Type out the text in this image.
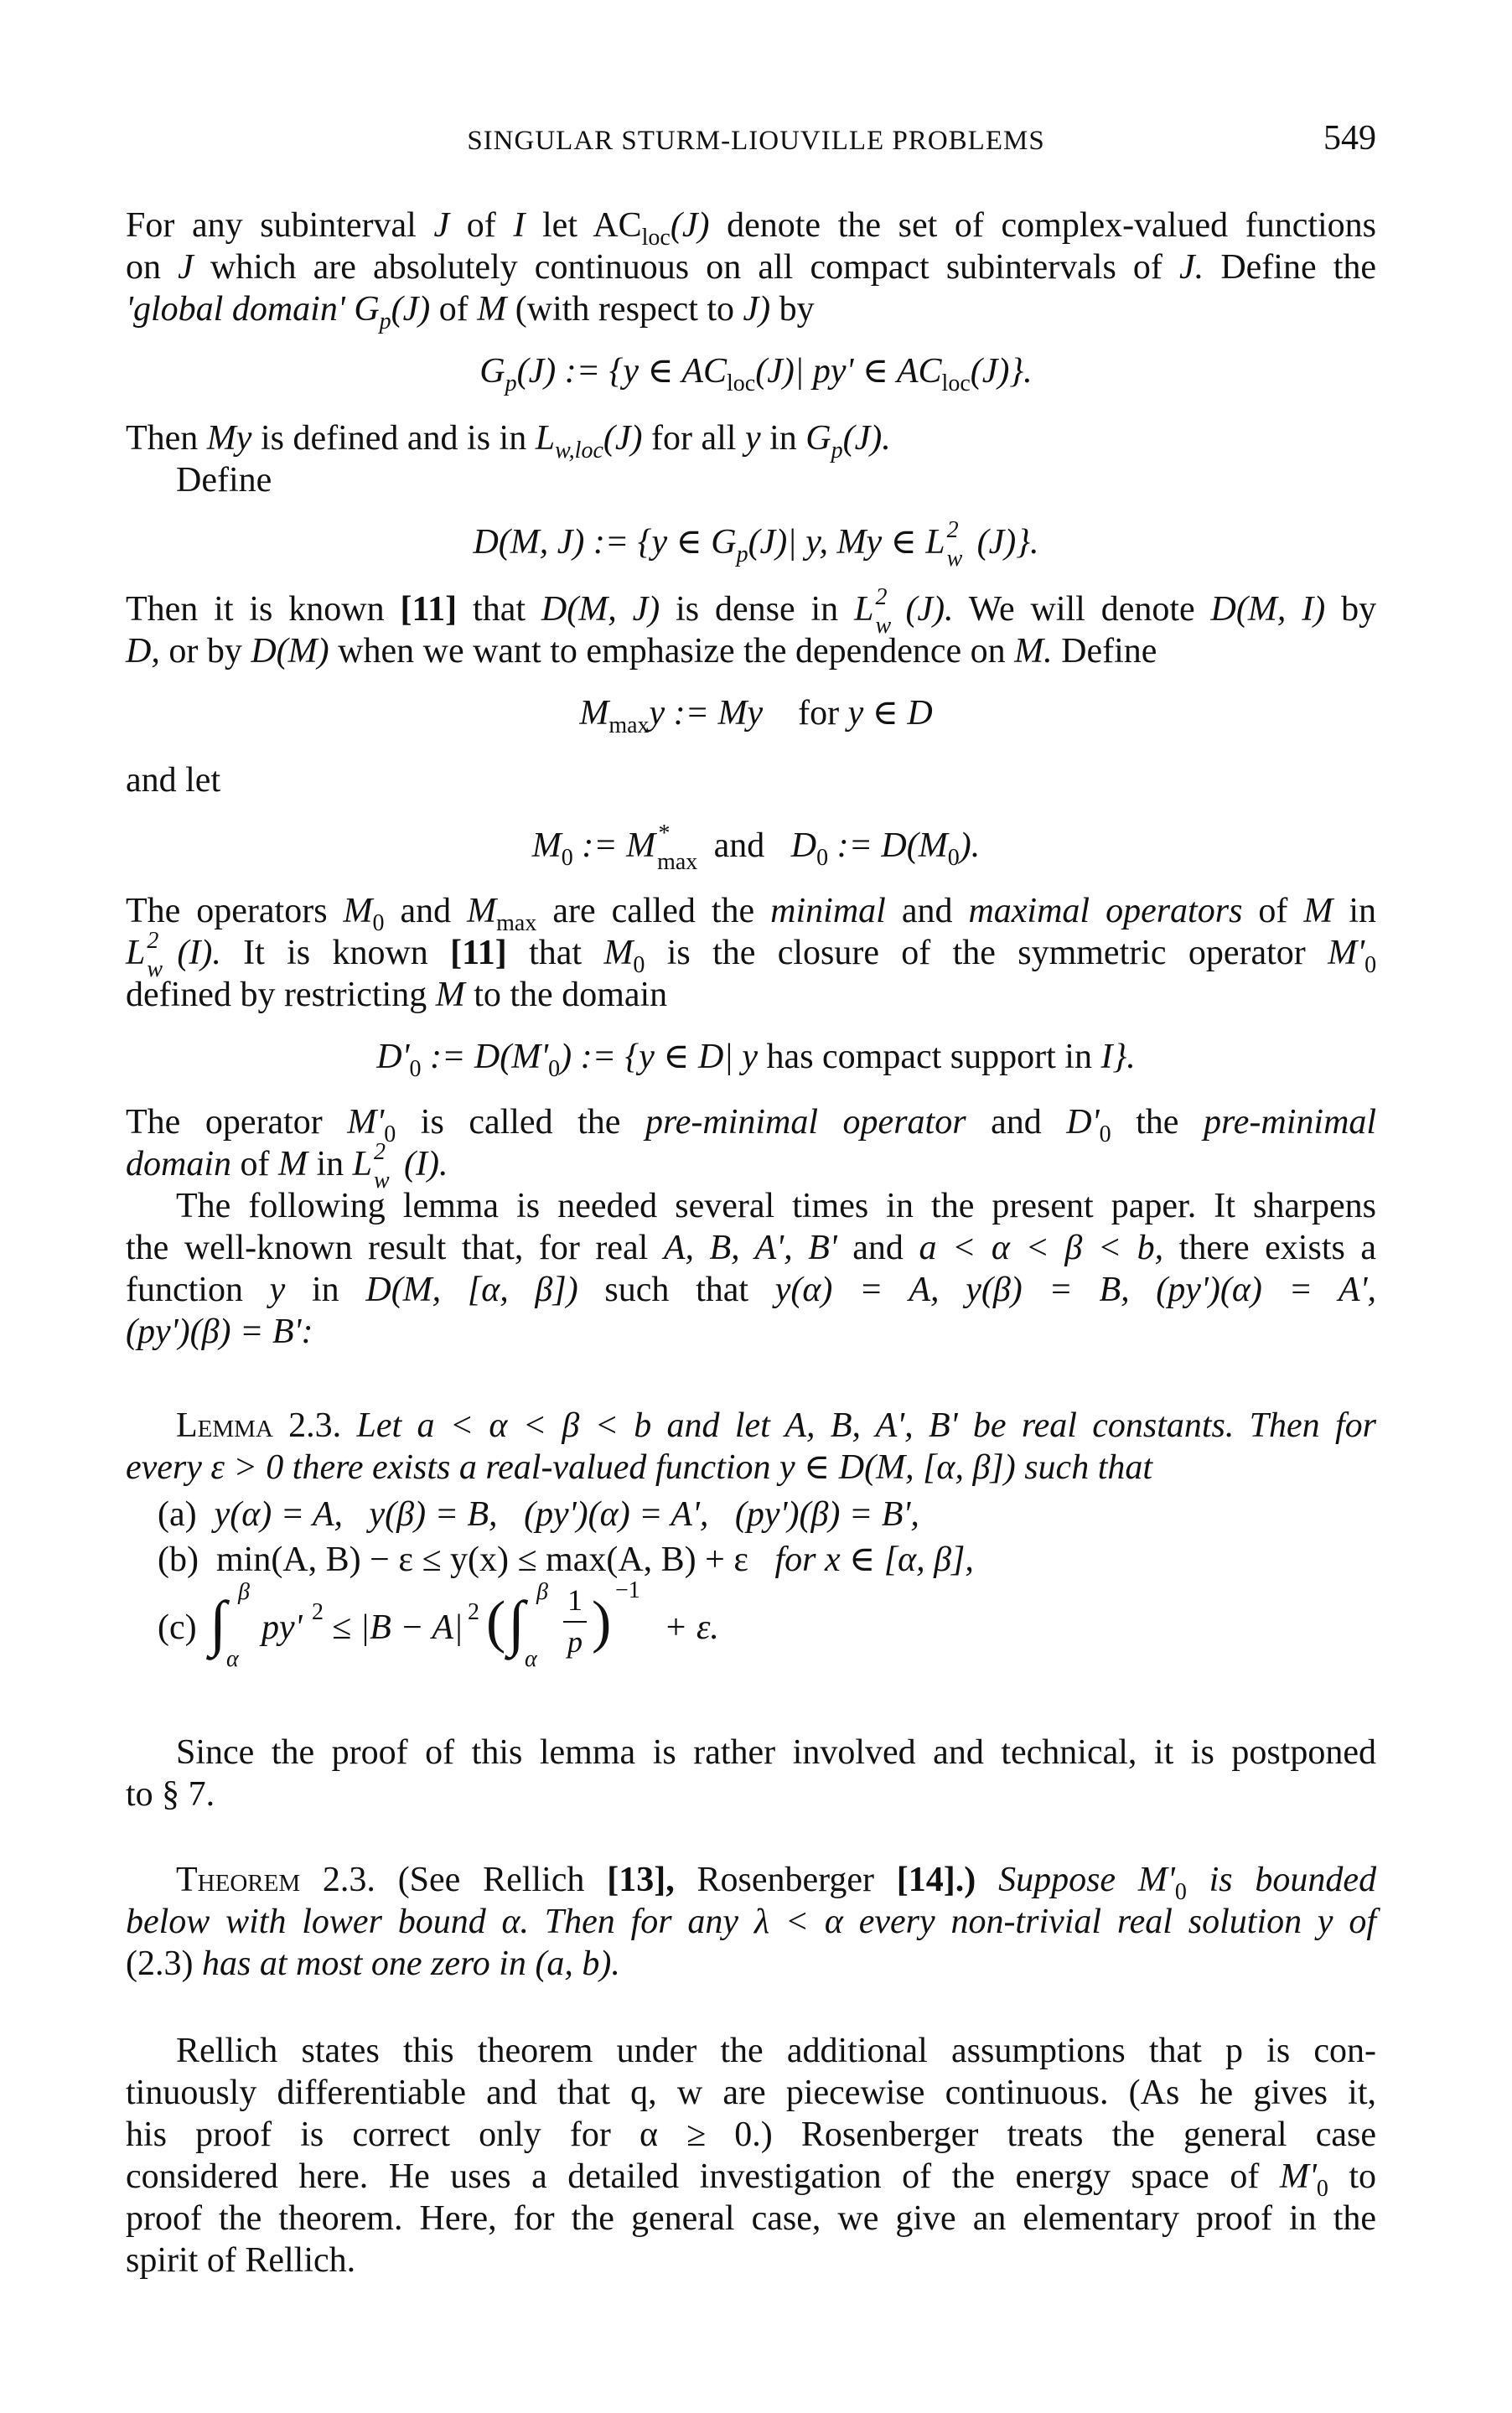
SINGULAR STURM-LIOUVILLE PROBLEMS	549
For any subinterval J of I let $AC_{loc}(J)$ denote the set of complex-valued functions
on J which are absolutely continuous on all compact subintervals of J. Define the
'global domain' $G_p(J)$ of M (with respect to J) by
$G_p(J)$ := {y ∈ $AC_{loc}(J)|$ py' ∈ $AC_{loc}(J)$}.
Then My is defined and is in $L_{w,loc}(J)$ for all y in $G_p(J)$.
Define
D(M, J) := {y ∈ $G_p(J)|$ y, My ∈ L 2
w (J)}.
Then it is known [11] that D(M, J) is dense in L 2
w (J). We will denote D(M, I) by
D, or by D(M) when we want to emphasize the dependence on M. Define
$M_{max}y$ := My for y ∈ D
and let
$M_0$ := M *
max and $D_0$ := $D(M_0)$.
The operators $M_0$ and $M_{max}$ are called the minimal and maximal operators of M in
L 2
w (I). It is known [11] that $M_0$ is the closure of the symmetric operator $M'_0$
defined by restricting M to the domain
$D'_0$ := $D(M'_0)$ := {y ∈ D| y has compact support in I}.
The operator $M'_0$ is called the pre-minimal operator and $D'_0$ the pre-minimal
domain of M in L 2
w (I).
The following lemma is needed several times in the present paper. It sharpens
the well-known result that, for real A, B, A', B' and a < α < β < b, there exists a
function y in D(M, [α, β]) such that y(α) = A, y(β) = B, (py')(α) = A',
(py')(β) = B':
Lemma 2.3. Let a < α < β < b and let A, B, A', B' be real constants. Then for
every ε > 0 there exists a real-valued function y ∈ D(M, [α, β]) such that
(a) y(α) = A, y(β) = B, (py')(α) = A', (py')(β) = B',
(b) min(A, B) − ε ≤ y(x) ≤ max(A, B) + ε for x ∈ [α, β],
(c) ∫ β
α
py' 2 ≤ |B − A| 2 ( ∫ β
α
1
p ) −1
+ ε.
Since the proof of this lemma is rather involved and technical, it is postponed
to § 7.
Theorem 2.3. (See Rellich [13], Rosenberger [14].) Suppose $M'_0$ is bounded
below with lower bound α. Then for any λ < α every non-trivial real solution y of
(2.3) has at most one zero in (a, b).
Rellich states this theorem under the additional assumptions that p is con-
tinuously differentiable and that q, w are piecewise continuous. (As he gives it,
his proof is correct only for α ≥ 0.) Rosenberger treats the general case
considered here. He uses a detailed investigation of the energy space of $M'_0$ to
proof the theorem. Here, for the general case, we give an elementary proof in the
spirit of Rellich.
